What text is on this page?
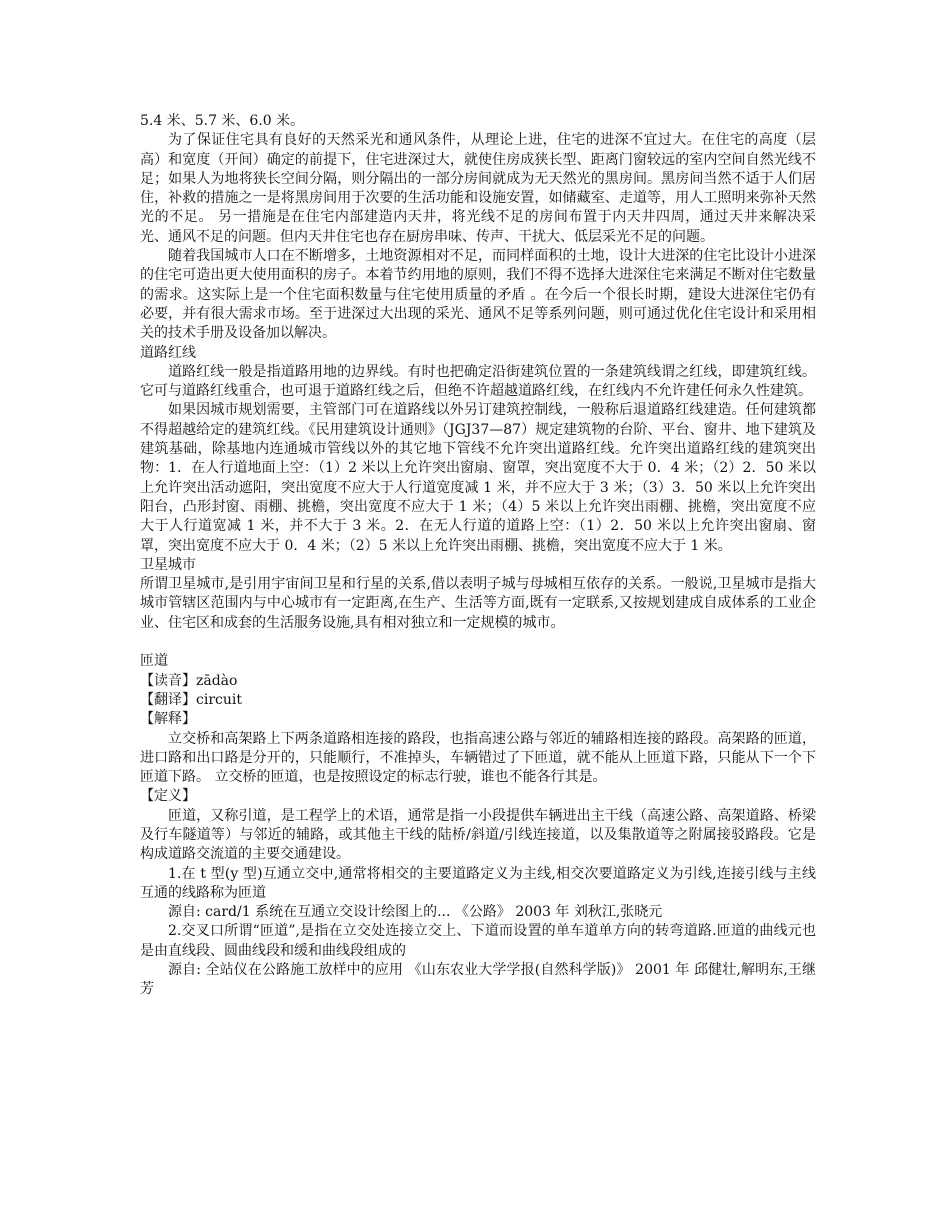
5.4 米、5.7 米、6.0 米。
为了保证住宅具有良好的天然采光和通风条件，从理论上进，住宅的进深不宜过大。在住宅的高度（层高）和宽度（开间）确定的前提下，住宅进深过大，就使住房成狭长型、距离门窗较远的室内空间自然光线不足；如果人为地将狭长空间分隔，则分隔出的一部分房间就成为无天然光的黑房间。黑房间当然不适于人们居住，补救的措施之一是将黑房间用于次要的生活功能和设施安置，如储藏室、走道等，用人工照明来弥补天然光的不足。 另一措施是在住宅内部建造内天井，将光线不足的房间布置于内天井四周，通过天井来解决采光、通风不足的问题。但内天井住宅也存在厨房串味、传声、干扰大、低层采光不足的问题。
随着我国城市人口在不断增多，土地资源相对不足，而同样面积的土地，设计大进深的住宅比设计小进深的住宅可造出更大使用面积的房子。本着节约用地的原则，我们不得不选择大进深住宅来满足不断对住宅数量的需求。这实际上是一个住宅面积数量与住宅使用质量的矛盾 。在今后一个很长时期，建设大进深住宅仍有必要，并有很大需求市场。至于进深过大出现的采光、通风不足等系列问题，则可通过优化住宅设计和采用相关的技术手册及设备加以解决。
道路红线
道路红线一般是指道路用地的边界线。有时也把确定沿街建筑位置的一条建筑线谓之红线，即建筑红线。它可与道路红线重合，也可退于道路红线之后，但绝不许超越道路红线，在红线内不允许建任何永久性建筑。
如果因城市规划需要，主管部门可在道路线以外另订建筑控制线，一般称后退道路红线建造。任何建筑都不得超越给定的建筑红线。《民用建筑设计通则》（JGJ37—87）规定建筑物的台阶、平台、窗井、地下建筑及建筑基础，除基地内连通城市管线以外的其它地下管线不允许突出道路红线。允许突出道路红线的建筑突出物：1．在人行道地面上空：（1）2 米以上允许突出窗扇、窗罩，突出宽度不大于 0．4 米；（2）2．50 米以上允许突出活动遮阳，突出宽度不应大于人行道宽度减 1 米，并不应大于 3 米；（3）3．50 米以上允许突出阳台，凸形封窗、雨棚、挑檐，突出宽度不应大于 1 米；（4）5 米以上允许突出雨棚、挑檐，突出宽度不应大于人行道宽减 1 米，并不大于 3 米。2．在无人行道的道路上空：（1）2．50 米以上允许突出窗扇、窗罩，突出宽度不应大于 0．4 米；（2）5 米以上允许突出雨棚、挑檐，突出宽度不应大于 1 米。
卫星城市
所谓卫星城市,是引用宇宙间卫星和行星的关系,借以表明子城与母城相互依存的关系。一般说,卫星城市是指大城市管辖区范围内与中心城市有一定距离,在生产、生活等方面,既有一定联系,又按规划建成自成体系的工业企业、住宅区和成套的生活服务设施,具有相对独立和一定规模的城市。
匝道
【读音】zādào
【翻译】circuit
【解释】
立交桥和高架路上下两条道路相连接的路段，也指高速公路与邻近的辅路相连接的路段。高架路的匝道，进口路和出口路是分开的，只能顺行，不准掉头，车辆错过了下匝道，就不能从上匝道下路，只能从下一个下匝道下路。 立交桥的匝道，也是按照设定的标志行驶，谁也不能各行其是。
【定义】
匝道，又称引道，是工程学上的术语，通常是指一小段提供车辆进出主干线（高速公路、高架道路、桥梁及行车隧道等）与邻近的辅路，或其他主干线的陆桥/斜道/引线连接道，以及集散道等之附属接驳路段。它是构成道路交流道的主要交通建设。
1.在 t 型(y 型)互通立交中,通常将相交的主要道路定义为主线,相交次要道路定义为引线,连接引线与主线互通的线路称为匝道
源自: card/1 系统在互通立交设计绘图上的... 《公路》 2003 年 刘秋江,张晓元
2.交叉口所谓“匝道”,是指在立交处连接立交上、下道而设置的单车道单方向的转弯道路.匝道的曲线元也是由直线段、圆曲线段和缓和曲线段组成的
源自: 全站仪在公路施工放样中的应用 《山东农业大学学报(自然科学版)》 2001 年 邱健壮,解明东,王继芳
